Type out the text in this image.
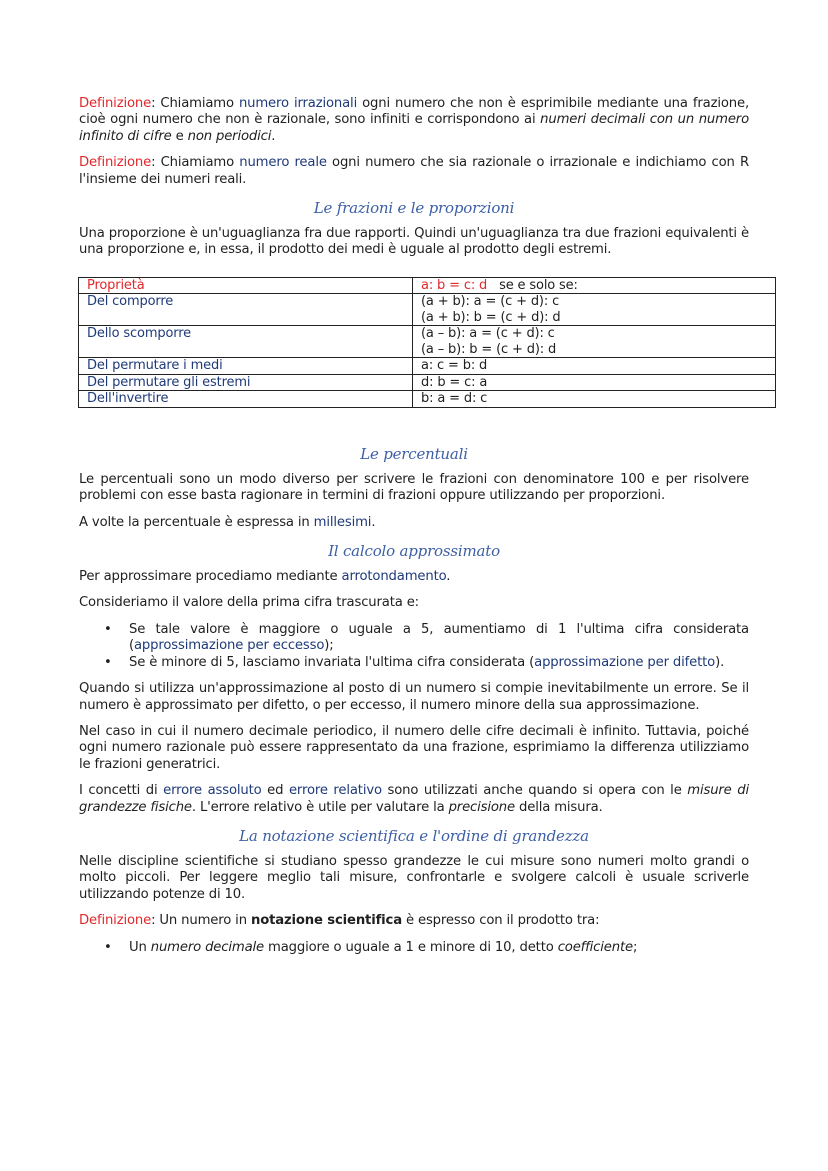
Definizione: Chiamiamo numero irrazionali ogni numero che non è esprimibile mediante una frazione, cioè ogni numero che non è razionale, sono infiniti e corrispondono ai numeri decimali con un numero infinito di cifre e non periodici.

Definizione: Chiamiamo numero reale ogni numero che sia razionale o irrazionale e indichiamo con R l'insieme dei numeri reali.

Le frazioni e le proporzioni

Una proporzione è un'uguaglianza fra due rapporti. Quindi un'uguaglianza tra due frazioni equivalenti è una proporzione e, in essa, il prodotto dei medi è uguale al prodotto degli estremi.

Proprietà	a: b = c: d   se e solo se:
Del comporre	(a + b): a = (c + d): c
(a + b): b = (c + d): d

Dello scomporre	(a – b): a = (c + d): c
(a – b): b = (c + d): d

Del permutare i medi	a: c = b: d

Del permutare gli estremi	d: b = c: a

Dell'invertire	b: a = d: c
Le percentuali

Le percentuali sono un modo diverso per scrivere le frazioni con denominatore 100 e per risolvere problemi con esse basta ragionare in termini di frazioni oppure utilizzando per proporzioni.

A volte la percentuale è espressa in millesimi.

Il calcolo approssimato

Per approssimare procediamo mediante arrotondamento.

Consideriamo il valore della prima cifra trascurata e:

• Se tale valore è maggiore o uguale a 5, aumentiamo di 1 l'ultima cifra considerata (approssimazione per eccesso);
• Se è minore di 5, lasciamo invariata l'ultima cifra considerata (approssimazione per difetto).

Quando si utilizza un'approssimazione al posto di un numero si compie inevitabilmente un errore. Se il numero è approssimato per difetto, o per eccesso, il numero minore della sua approssimazione.

Nel caso in cui il numero decimale periodico, il numero delle cifre decimali è infinito. Tuttavia, poiché ogni numero razionale può essere rappresentato da una frazione, esprimiamo la differenza utilizziamo le frazioni generatrici.

I concetti di errore assoluto ed errore relativo sono utilizzati anche quando si opera con le misure di grandezze fisiche. L'errore relativo è utile per valutare la precisione della misura.

La notazione scientifica e l'ordine di grandezza

Nelle discipline scientifiche si studiano spesso grandezze le cui misure sono numeri molto grandi o molto piccoli. Per leggere meglio tali misure, confrontarle e svolgere calcoli è usuale scriverle utilizzando potenze di 10.

Definizione: Un numero in notazione scientifica è espresso con il prodotto tra:

• Un numero decimale maggiore o uguale a 1 e minore di 10, detto coefficiente;
